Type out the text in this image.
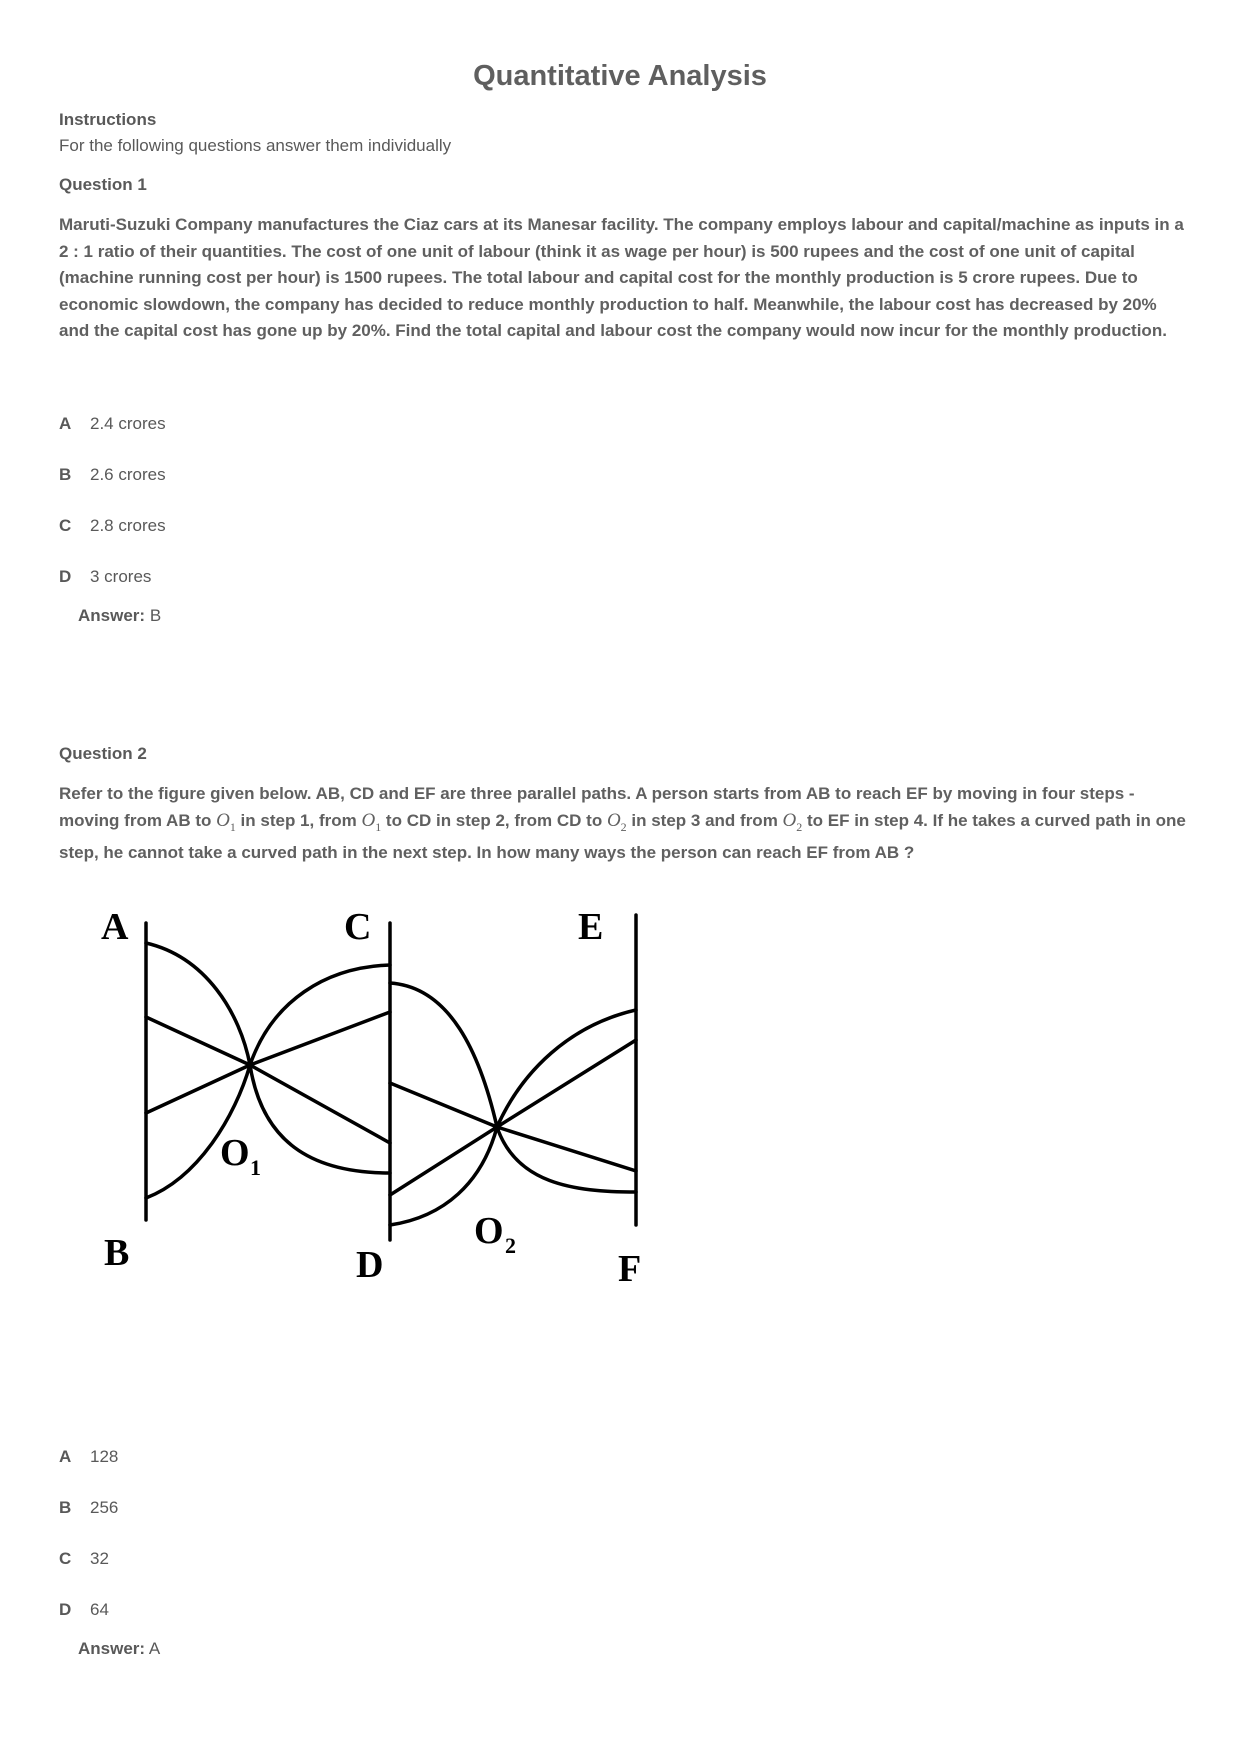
Quantitative Analysis
Instructions
For the following questions answer them individually
Question 1
Maruti-Suzuki Company manufactures the Ciaz cars at its Manesar facility. The company employs labour and capital/machine as inputs in a 2 : 1 ratio of their quantities. The cost of one unit of labour (think it as wage per hour) is 500 rupees and the cost of one unit of capital (machine running cost per hour) is 1500 rupees. The total labour and capital cost for the monthly production is 5 crore rupees. Due to economic slowdown, the company has decided to reduce monthly production to half. Meanwhile, the labour cost has decreased by 20% and the capital cost has gone up by 20%. Find the total capital and labour cost the company would now incur for the monthly production.
A 2.4 crores
B 2.6 crores
C 2.8 crores
D 3 crores
Answer: B
Question 2
Refer to the figure given below. AB, CD and EF are three parallel paths. A person starts from AB to reach EF by moving in four steps - moving from AB to $O_1$ in step 1, from $O_1$ to CD in step 2, from CD to $O_2$ in step 3 and from $O_2$ to EF in step 4. If he takes a curved path in one step, he cannot take a curved path in the next step. In how many ways the person can reach EF from AB ?
A
B
C
D
E
F
O 1
O 2
A 128
B 256
C 32
D 64
Answer: A
